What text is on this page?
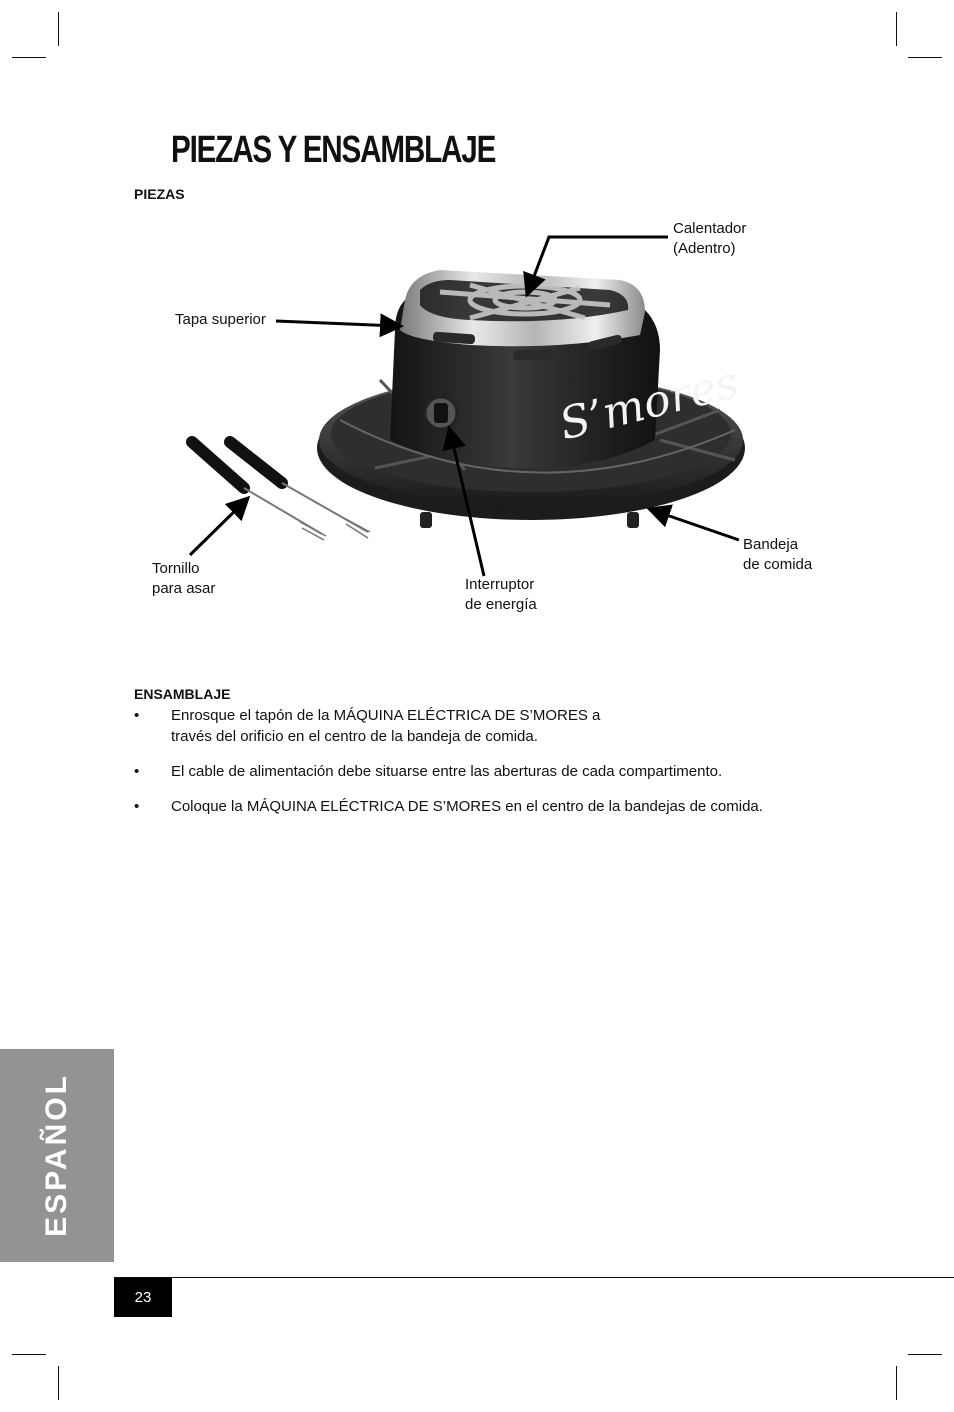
PIEZAS Y ENSAMBLAJE
PIEZAS
S’mores
Calentador
(Adentro)
Tapa superior
Tornillo
para asar	Interruptor
de energía
Bandeja
de comida
ENSAMBLAJE
• Enrosque el tapón de la MÁQUINA ELÉCTRICA DE S’MORES a
través del orificio en el centro de la bandeja de comida.
• El cable de alimentación debe situarse entre las aberturas de cada compartimento.
• Coloque la MÁQUINA ELÉCTRICA DE S’MORES en el centro de la bandejas de comida.
ESPAÑOL
23
